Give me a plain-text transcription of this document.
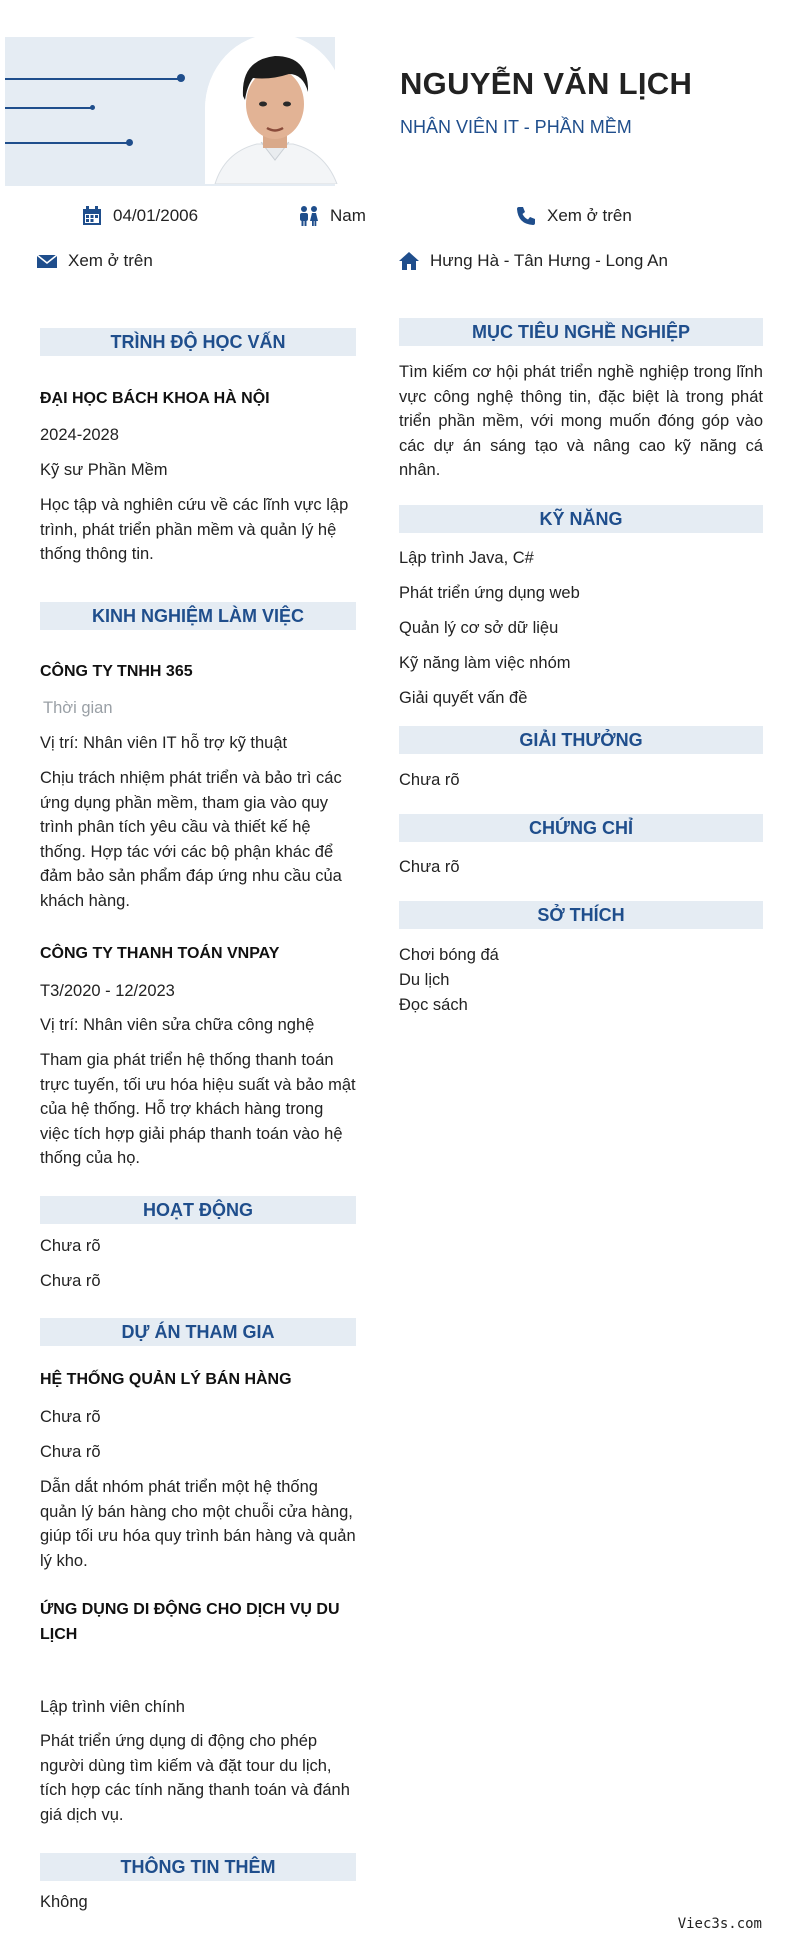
NGUYỄN VĂN LỊCH
NHÂN VIÊN IT - PHẦN MỀM
04/01/2006	Nam	Xem ở trên
Xem ở trên	Hưng Hà - Tân Hưng - Long An
TRÌNH ĐỘ HỌC VẤN
ĐẠI HỌC BÁCH KHOA HÀ NỘI
2024-2028
Kỹ sư Phần Mềm
Học tập và nghiên cứu về các lĩnh vực lập trình, phát triển phần mềm và quản lý hệ thống thông tin.
KINH NGHIỆM LÀM VIỆC
CÔNG TY TNHH 365
Thời gian
Vị trí: Nhân viên IT hỗ trợ kỹ thuật
Chịu trách nhiệm phát triển và bảo trì các ứng dụng phần mềm, tham gia vào quy trình phân tích yêu cầu và thiết kế hệ thống. Hợp tác với các bộ phận khác để đảm bảo sản phẩm đáp ứng nhu cầu của khách hàng.
CÔNG TY THANH TOÁN VNPAY
T3/2020 - 12/2023
Vị trí: Nhân viên sửa chữa công nghệ
Tham gia phát triển hệ thống thanh toán trực tuyến, tối ưu hóa hiệu suất và bảo mật của hệ thống. Hỗ trợ khách hàng trong việc tích hợp giải pháp thanh toán vào hệ thống của họ.
HOẠT ĐỘNG
Chưa rõ
Chưa rõ
DỰ ÁN THAM GIA
HỆ THỐNG QUẢN LÝ BÁN HÀNG
Chưa rõ
Chưa rõ
Dẫn dắt nhóm phát triển một hệ thống quản lý bán hàng cho một chuỗi cửa hàng, giúp tối ưu hóa quy trình bán hàng và quản lý kho.
ỨNG DỤNG DI ĐỘNG CHO DỊCH VỤ DU LỊCH
Lập trình viên chính
Phát triển ứng dụng di động cho phép người dùng tìm kiếm và đặt tour du lịch, tích hợp các tính năng thanh toán và đánh giá dịch vụ.
THÔNG TIN THÊM
Không
MỤC TIÊU NGHỀ NGHIỆP
Tìm kiếm cơ hội phát triển nghề nghiệp trong lĩnh vực công nghệ thông tin, đặc biệt là trong phát triển phần mềm, với mong muốn đóng góp vào các dự án sáng tạo và nâng cao kỹ năng cá nhân.
KỸ NĂNG
Lập trình Java, C#
Phát triển ứng dụng web
Quản lý cơ sở dữ liệu
Kỹ năng làm việc nhóm
Giải quyết vấn đề
GIẢI THƯỞNG
Chưa rõ
CHỨNG CHỈ
Chưa rõ
SỞ THÍCH
Chơi bóng đá
Du lịch
Đọc sách
Viec3s.com
